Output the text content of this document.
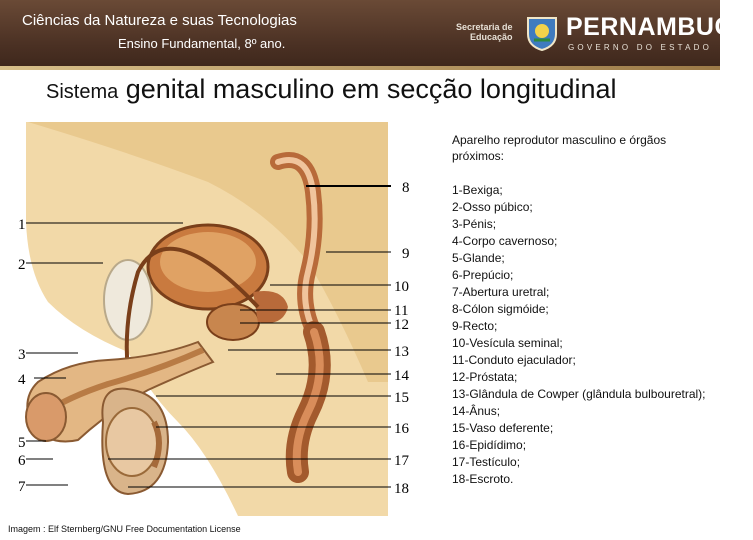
Ciências da Natureza e suas Tecnologias
Ensino Fundamental, 8º ano.
Secretaria de
Educação PERNAMBUCO
GOVERNO DO ESTADO
Sistema genital masculino em secção longitudinal
1
2
3
4
5
6
7
8
9
10
11
12
13
14
15
16
17
18
Aparelho reprodutor masculino e órgãos próximos:
1-Bexiga;
2-Osso púbico;
3-Pénis;
4-Corpo cavernoso;
5-Glande;
6-Prepúcio;
7-Abertura uretral;
8-Cólon sigmóide;
9-Recto;
10-Vesícula seminal;
11-Conduto ejaculador;
12-Próstata;
13-Glândula de Cowper (glândula bulbouretral);
14-Ânus;
15-Vaso deferente;
16-Epidídimo;
17-Testículo;
18-Escroto.
Imagem : Elf Sternberg/GNU Free Documentation License
